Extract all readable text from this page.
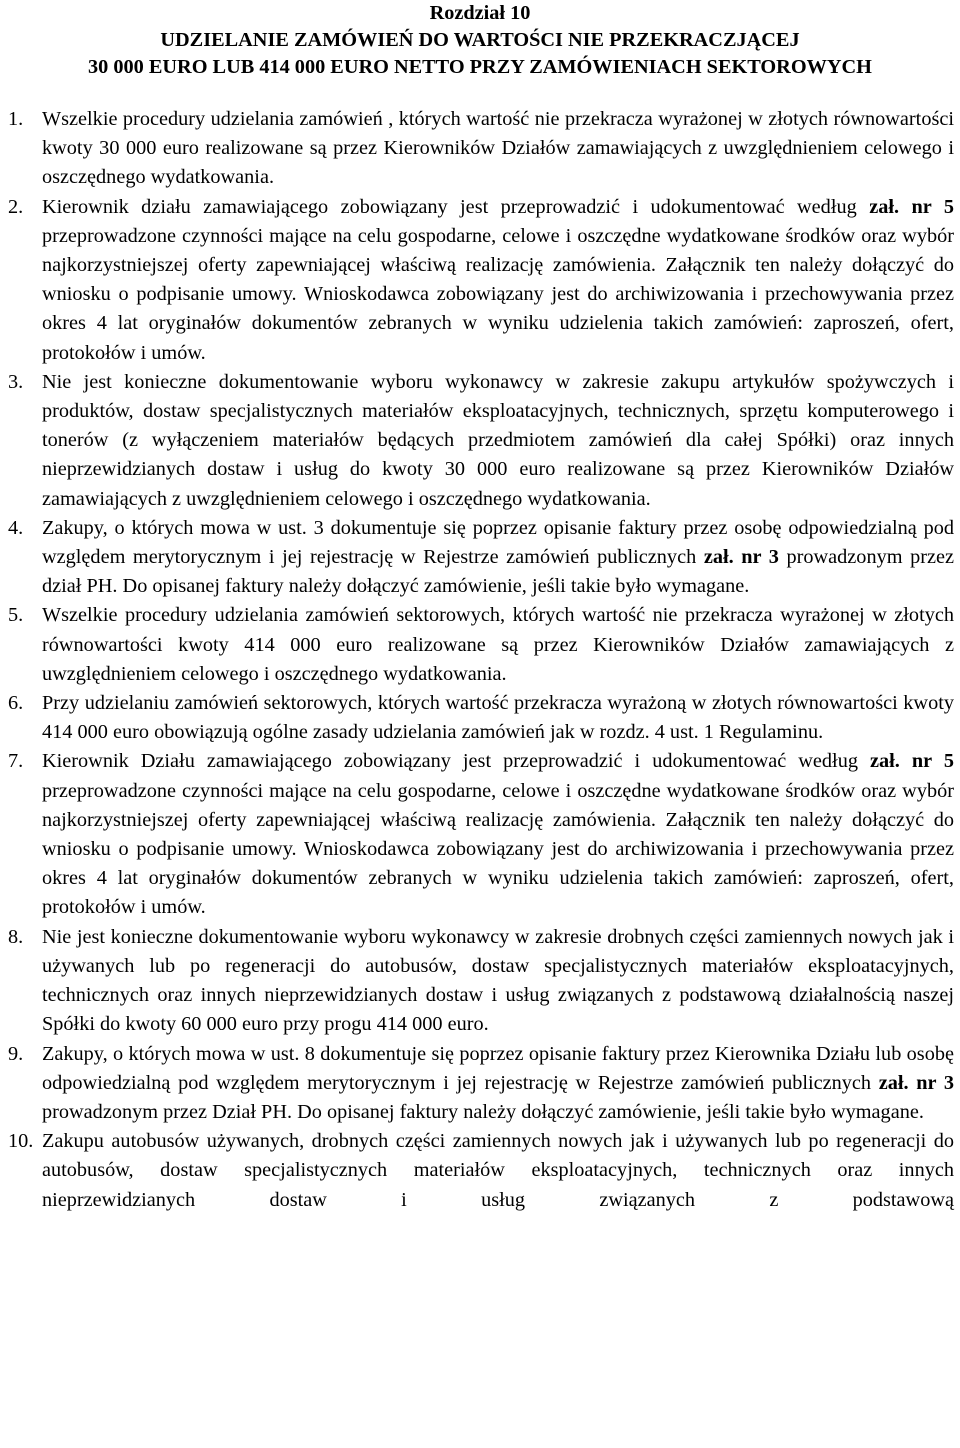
Rozdział 10
UDZIELANIE ZAMÓWIEŃ DO WARTOŚCI NIE PRZEKRACZJĄCEJ
30 000 EURO LUB 414 000 EURO NETTO PRZY ZAMÓWIENIACH SEKTOROWYCH
1. Wszelkie procedury udzielania zamówień , których wartość nie przekracza wyrażonej w złotych równowartości kwoty 30 000 euro realizowane są przez Kierowników Działów zamawiających z uwzględnieniem celowego i oszczędnego wydatkowania.
2. Kierownik działu zamawiającego zobowiązany jest przeprowadzić i udokumentować według zał. nr 5 przeprowadzone czynności mające na celu gospodarne, celowe i oszczędne wydatkowane środków oraz wybór najkorzystniejszej oferty zapewniającej właściwą realizację zamówienia. Załącznik ten należy dołączyć do wniosku o podpisanie umowy. Wnioskodawca zobowiązany jest do archiwizowania i przechowywania przez okres 4 lat oryginałów dokumentów zebranych w wyniku udzielenia takich zamówień: zaproszeń, ofert, protokołów i umów.
3. Nie jest konieczne dokumentowanie wyboru wykonawcy w zakresie zakupu artykułów spożywczych i produktów, dostaw specjalistycznych materiałów eksploatacyjnych, technicznych, sprzętu komputerowego i tonerów (z wyłączeniem materiałów będących przedmiotem zamówień dla całej Spółki) oraz innych nieprzewidzianych dostaw i usług do kwoty 30 000 euro realizowane są przez Kierowników Działów zamawiających z uwzględnieniem celowego i oszczędnego wydatkowania.
4. Zakupy, o których mowa w ust. 3 dokumentuje się poprzez opisanie faktury przez osobę odpowiedzialną pod względem merytorycznym i jej rejestrację w Rejestrze zamówień publicznych zał. nr 3 prowadzonym przez dział PH. Do opisanej faktury należy dołączyć zamówienie, jeśli takie było wymagane.
5. Wszelkie procedury udzielania zamówień sektorowych, których wartość nie przekracza wyrażonej w złotych równowartości kwoty 414 000 euro realizowane są przez Kierowników Działów zamawiających z uwzględnieniem celowego i oszczędnego wydatkowania.
6. Przy udzielaniu zamówień sektorowych, których wartość przekracza wyrażoną w złotych równowartości kwoty 414 000 euro obowiązują ogólne zasady udzielania zamówień jak w rozdz. 4 ust. 1 Regulaminu.
7. Kierownik Działu zamawiającego zobowiązany jest przeprowadzić i udokumentować według zał. nr 5 przeprowadzone czynności mające na celu gospodarne, celowe i oszczędne wydatkowane środków oraz wybór najkorzystniejszej oferty zapewniającej właściwą realizację zamówienia. Załącznik ten należy dołączyć do wniosku o podpisanie umowy. Wnioskodawca zobowiązany jest do archiwizowania i przechowywania przez okres 4 lat oryginałów dokumentów zebranych w wyniku udzielenia takich zamówień: zaproszeń, ofert, protokołów i umów.
8. Nie jest konieczne dokumentowanie wyboru wykonawcy w zakresie drobnych części zamiennych nowych jak i używanych lub po regeneracji do autobusów, dostaw specjalistycznych materiałów eksploatacyjnych, technicznych oraz innych nieprzewidzianych dostaw i usług związanych z podstawową działalnością naszej Spółki do kwoty 60 000 euro przy progu 414 000 euro.
9. Zakupy, o których mowa w ust. 8 dokumentuje się poprzez opisanie faktury przez Kierownika Działu lub osobę odpowiedzialną pod względem merytorycznym i jej rejestrację w Rejestrze zamówień publicznych zał. nr 3 prowadzonym przez Dział PH. Do opisanej faktury należy dołączyć zamówienie, jeśli takie było wymagane.
10. Zakupu autobusów używanych, drobnych części zamiennych nowych jak i używanych lub po regeneracji do autobusów, dostaw specjalistycznych materiałów eksploatacyjnych, technicznych oraz innych nieprzewidzianych dostaw i usług związanych z podstawową
